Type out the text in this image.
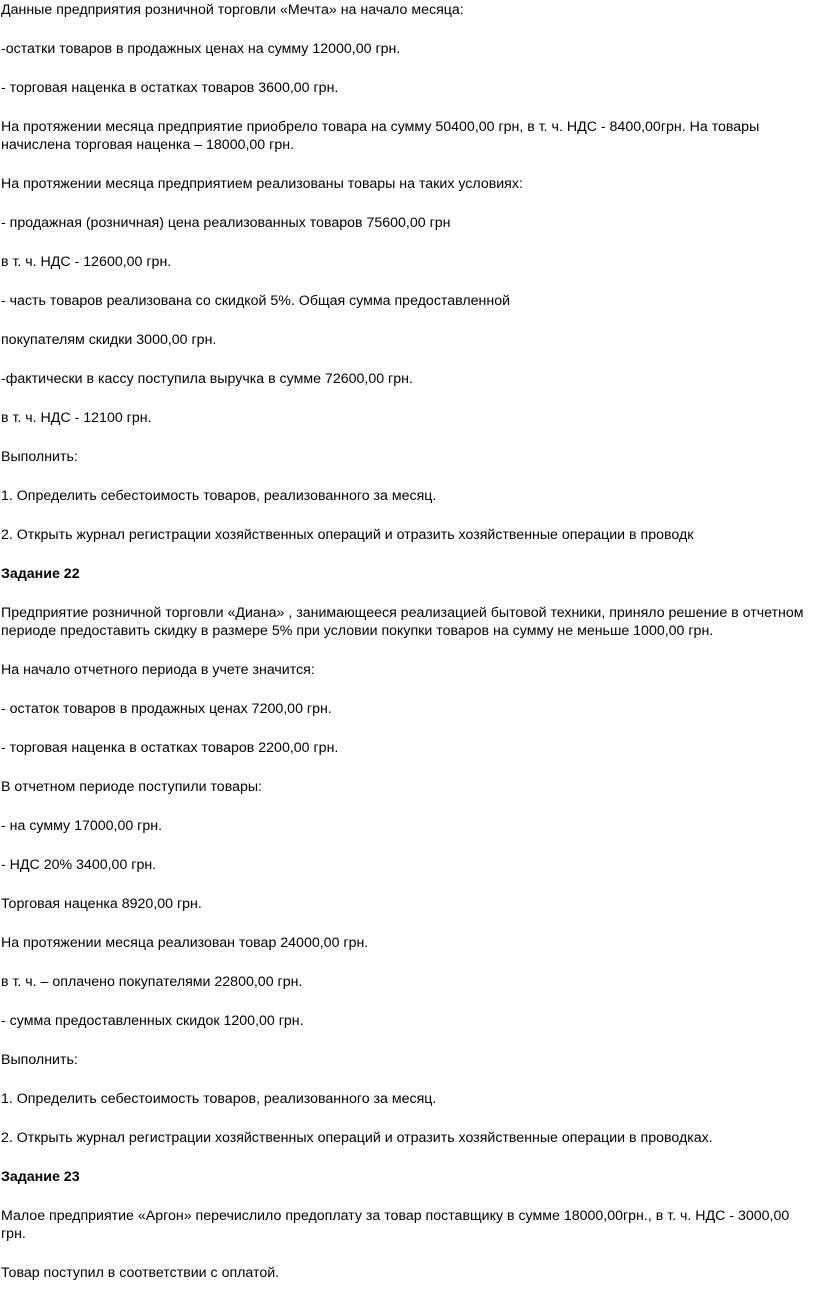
Данные предприятия розничной торговли «Мечта» на начало месяца:
-остатки товаров в продажных ценах на сумму 12000,00 грн.
- торговая наценка в остатках товаров 3600,00 грн.
На протяжении месяца предприятие приобрело товара на сумму 50400,00 грн, в т. ч. НДС - 8400,00грн. На товары начислена торговая наценка – 18000,00 грн.
На протяжении месяца предприятием реализованы товары на таких условиях:
- продажная (розничная) цена реализованных товаров 75600,00 грн
в т. ч. НДС - 12600,00 грн.
- часть товаров реализована со скидкой 5%. Общая сумма предоставленной
покупателям скидки 3000,00 грн.
-фактически в кассу поступила выручка в сумме 72600,00 грн.
в т. ч. НДС - 12100 грн.
Выполнить:
1. Определить себестоимость товаров, реализованного за месяц.
2. Открыть журнал регистрации хозяйственных операций и отразить хозяйственные операции в проводк
Задание 22
Предприятие розничной торговли «Диана» , занимающееся реализацией бытовой техники, приняло решение в отчетном периоде предоставить скидку в размере 5% при условии покупки товаров на сумму не меньше 1000,00 грн.
На начало отчетного периода в учете значится:
- остаток товаров в продажных ценах 7200,00 грн.
- торговая наценка в остатках товаров 2200,00 грн.
В отчетном периоде поступили товары:
- на сумму 17000,00 грн.
- НДС 20% 3400,00 грн.
Торговая наценка 8920,00 грн.
На протяжении месяца реализован товар 24000,00 грн.
в т. ч. – оплачено покупателями 22800,00 грн.
- сумма предоставленных скидок 1200,00 грн.
Выполнить:
1. Определить себестоимость товаров, реализованного за месяц.
2. Открыть журнал регистрации хозяйственных операций и отразить хозяйственные операции в проводках.
Задание 23
Малое предприятие «Аргон» перечислило предоплату за товар поставщику в сумме 18000,00грн., в т. ч. НДС - 3000,00 грн.
Товар поступил в соответствии с оплатой.
